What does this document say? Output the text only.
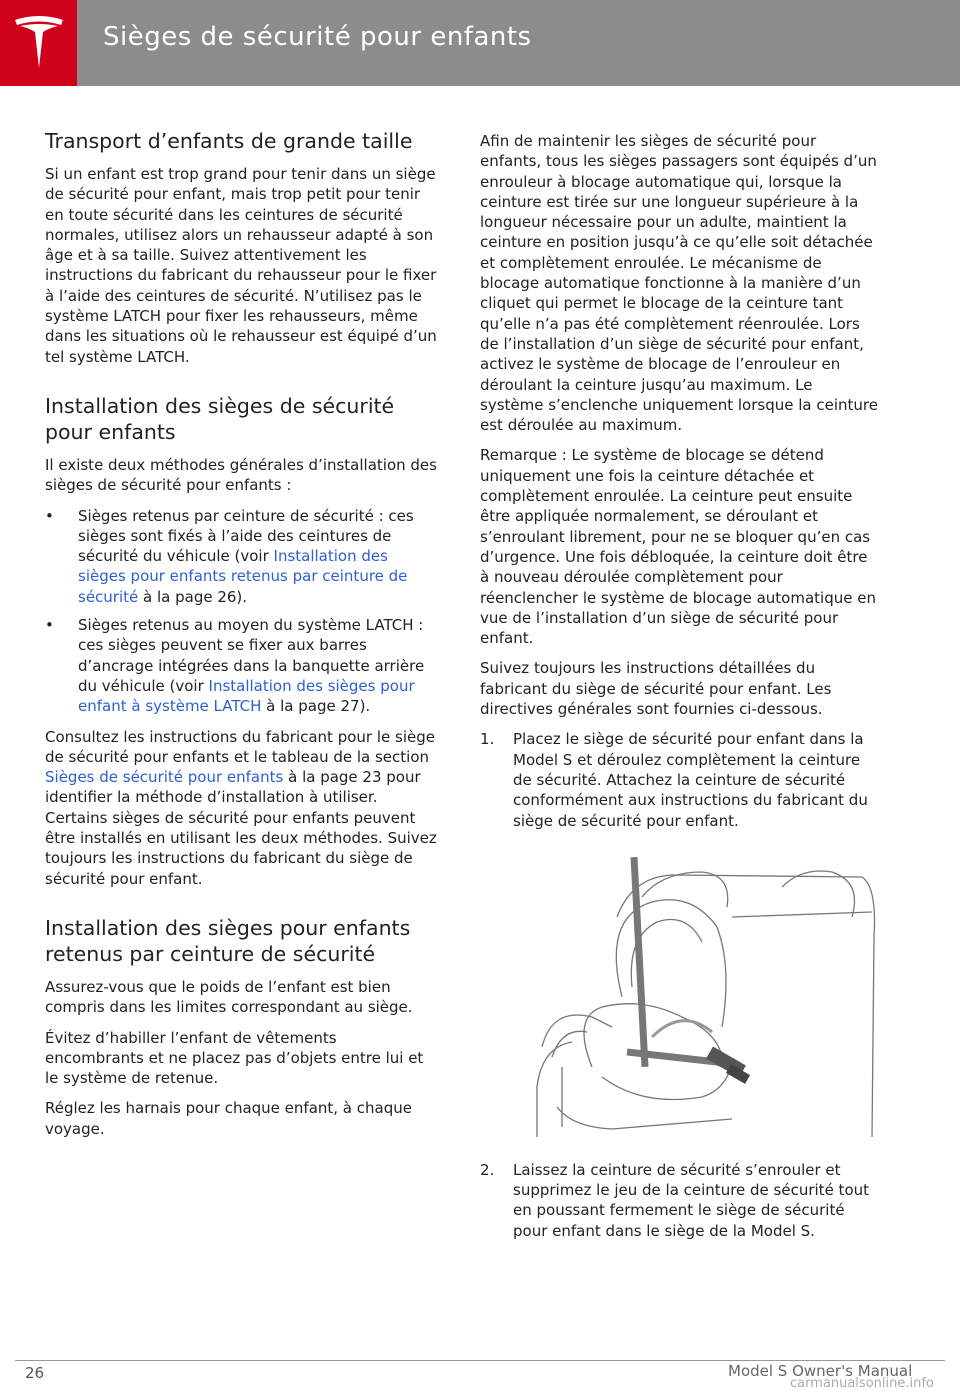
Sièges de sécurité pour enfants
Transport d’enfants de grande taille

Si un enfant est trop grand pour tenir dans un siège de sécurité pour enfant, mais trop petit pour tenir en toute sécurité dans les ceintures de sécurité normales, utilisez alors un rehausseur adapté à son âge et à sa taille. Suivez attentivement les instructions du fabricant du rehausseur pour le fixer à l’aide des ceintures de sécurité. N’utilisez pas le système LATCH pour fixer les rehausseurs, même dans les situations où le rehausseur est équipé d’un tel système LATCH.

Installation des sièges de sécurité pour enfants

Il existe deux méthodes générales d’installation des sièges de sécurité pour enfants :

• Sièges retenus par ceinture de sécurité : ces sièges sont fixés à l’aide des ceintures de sécurité du véhicule (voir Installation des sièges pour enfants retenus par ceinture de sécurité à la page 26).
• Sièges retenus au moyen du système LATCH : ces sièges peuvent se fixer aux barres d’ancrage intégrées dans la banquette arrière du véhicule (voir Installation des sièges pour enfant à système LATCH à la page 27).

Consultez les instructions du fabricant pour le siège de sécurité pour enfants et le tableau de la section Sièges de sécurité pour enfants à la page 23 pour identifier la méthode d’installation à utiliser. Certains sièges de sécurité pour enfants peuvent être installés en utilisant les deux méthodes. Suivez toujours les instructions du fabricant du siège de sécurité pour enfant.

Installation des sièges pour enfants retenus par ceinture de sécurité

Assurez-vous que le poids de l’enfant est bien compris dans les limites correspondant au siège.

Évitez d’habiller l’enfant de vêtements encombrants et ne placez pas d’objets entre lui et le système de retenue.

Réglez les harnais pour chaque enfant, à chaque voyage.

Afin de maintenir les sièges de sécurité pour enfants, tous les sièges passagers sont équipés d’un enrouleur à blocage automatique qui, lorsque la ceinture est tirée sur une longueur supérieure à la longueur nécessaire pour un adulte, maintient la ceinture en position jusqu’à ce qu’elle soit détachée et complètement enroulée. Le mécanisme de blocage automatique fonctionne à la manière d’un cliquet qui permet le blocage de la ceinture tant qu’elle n’a pas été complètement réenroulée. Lors de l’installation d’un siège de sécurité pour enfant, activez le système de blocage de l’enrouleur en déroulant la ceinture jusqu’au maximum. Le système s’enclenche uniquement lorsque la ceinture est déroulée au maximum.

Remarque : Le système de blocage se détend uniquement une fois la ceinture détachée et complètement enroulée. La ceinture peut ensuite être appliquée normalement, se déroulant et s’enroulant librement, pour ne se bloquer qu’en cas d’urgence. Une fois débloquée, la ceinture doit être à nouveau déroulée complètement pour réenclencher le système de blocage automatique en vue de l’installation d’un siège de sécurité pour enfant.

Suivez toujours les instructions détaillées du fabricant du siège de sécurité pour enfant. Les directives générales sont fournies ci-dessous.

1. Placez le siège de sécurité pour enfant dans la Model S et déroulez complètement la ceinture de sécurité. Attachez la ceinture de sécurité conformément aux instructions du fabricant du siège de sécurité pour enfant.
2. Laissez la ceinture de sécurité s’enrouler et supprimez le jeu de la ceinture de sécurité tout en poussant fermement le siège de sécurité pour enfant dans le siège de la Model S.
26	Model S Owner's Manual
carmanualsonline.info
